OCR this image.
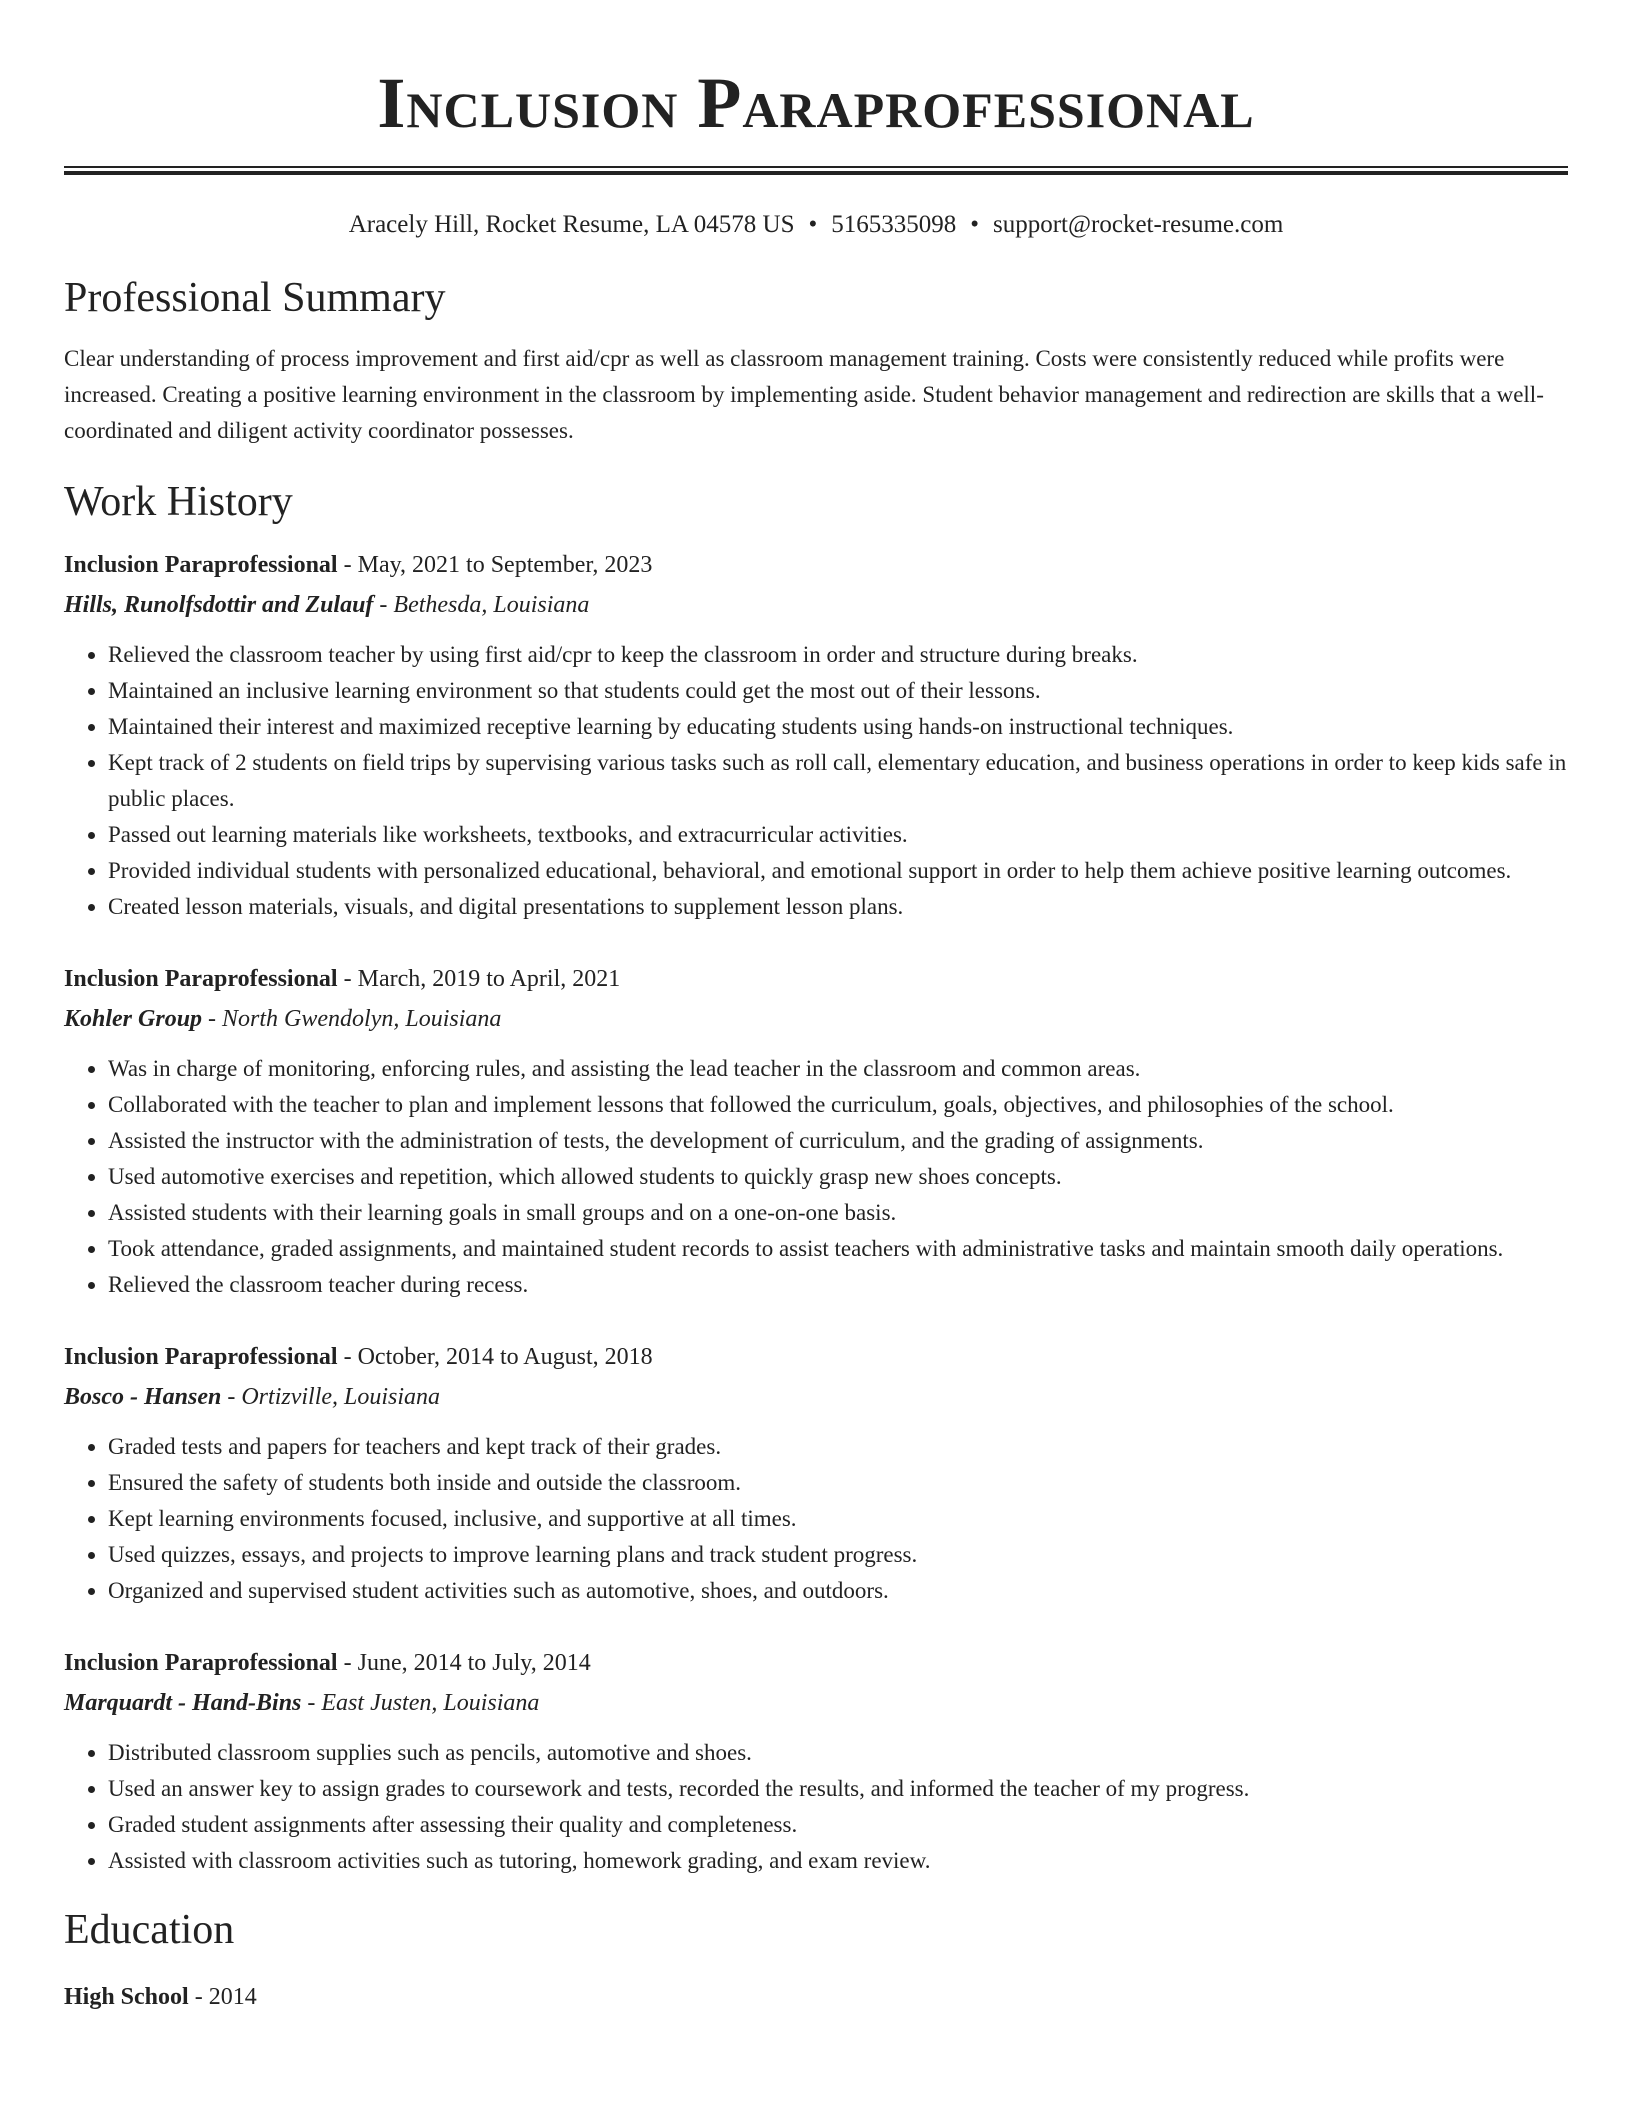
Inclusion Paraprofessional
Aracely Hill, Rocket Resume, LA 04578 US • 5165335098 • support@rocket-resume.com
Professional Summary
Clear understanding of process improvement and first aid/cpr as well as classroom management training. Costs were consistently reduced while profits were increased. Creating a positive learning environment in the classroom by implementing aside. Student behavior management and redirection are skills that a well-coordinated and diligent activity coordinator possesses.
Work History
Inclusion Paraprofessional - May, 2021 to September, 2023
Hills, Runolfsdottir and Zulauf - Bethesda, Louisiana
• Relieved the classroom teacher by using first aid/cpr to keep the classroom in order and structure during breaks.
• Maintained an inclusive learning environment so that students could get the most out of their lessons.
• Maintained their interest and maximized receptive learning by educating students using hands-on instructional techniques.
• Kept track of 2 students on field trips by supervising various tasks such as roll call, elementary education, and business operations in order to keep kids safe in public places.
• Passed out learning materials like worksheets, textbooks, and extracurricular activities.
• Provided individual students with personalized educational, behavioral, and emotional support in order to help them achieve positive learning outcomes.
• Created lesson materials, visuals, and digital presentations to supplement lesson plans.
Inclusion Paraprofessional - March, 2019 to April, 2021
Kohler Group - North Gwendolyn, Louisiana
• Was in charge of monitoring, enforcing rules, and assisting the lead teacher in the classroom and common areas.
• Collaborated with the teacher to plan and implement lessons that followed the curriculum, goals, objectives, and philosophies of the school.
• Assisted the instructor with the administration of tests, the development of curriculum, and the grading of assignments.
• Used automotive exercises and repetition, which allowed students to quickly grasp new shoes concepts.
• Assisted students with their learning goals in small groups and on a one-on-one basis.
• Took attendance, graded assignments, and maintained student records to assist teachers with administrative tasks and maintain smooth daily operations.
• Relieved the classroom teacher during recess.
Inclusion Paraprofessional - October, 2014 to August, 2018
Bosco - Hansen - Ortizville, Louisiana
• Graded tests and papers for teachers and kept track of their grades.
• Ensured the safety of students both inside and outside the classroom.
• Kept learning environments focused, inclusive, and supportive at all times.
• Used quizzes, essays, and projects to improve learning plans and track student progress.
• Organized and supervised student activities such as automotive, shoes, and outdoors.
Inclusion Paraprofessional - June, 2014 to July, 2014
Marquardt - Hand-Bins - East Justen, Louisiana
• Distributed classroom supplies such as pencils, automotive and shoes.
• Used an answer key to assign grades to coursework and tests, recorded the results, and informed the teacher of my progress.
• Graded student assignments after assessing their quality and completeness.
• Assisted with classroom activities such as tutoring, homework grading, and exam review.
Education
High School - 2014
